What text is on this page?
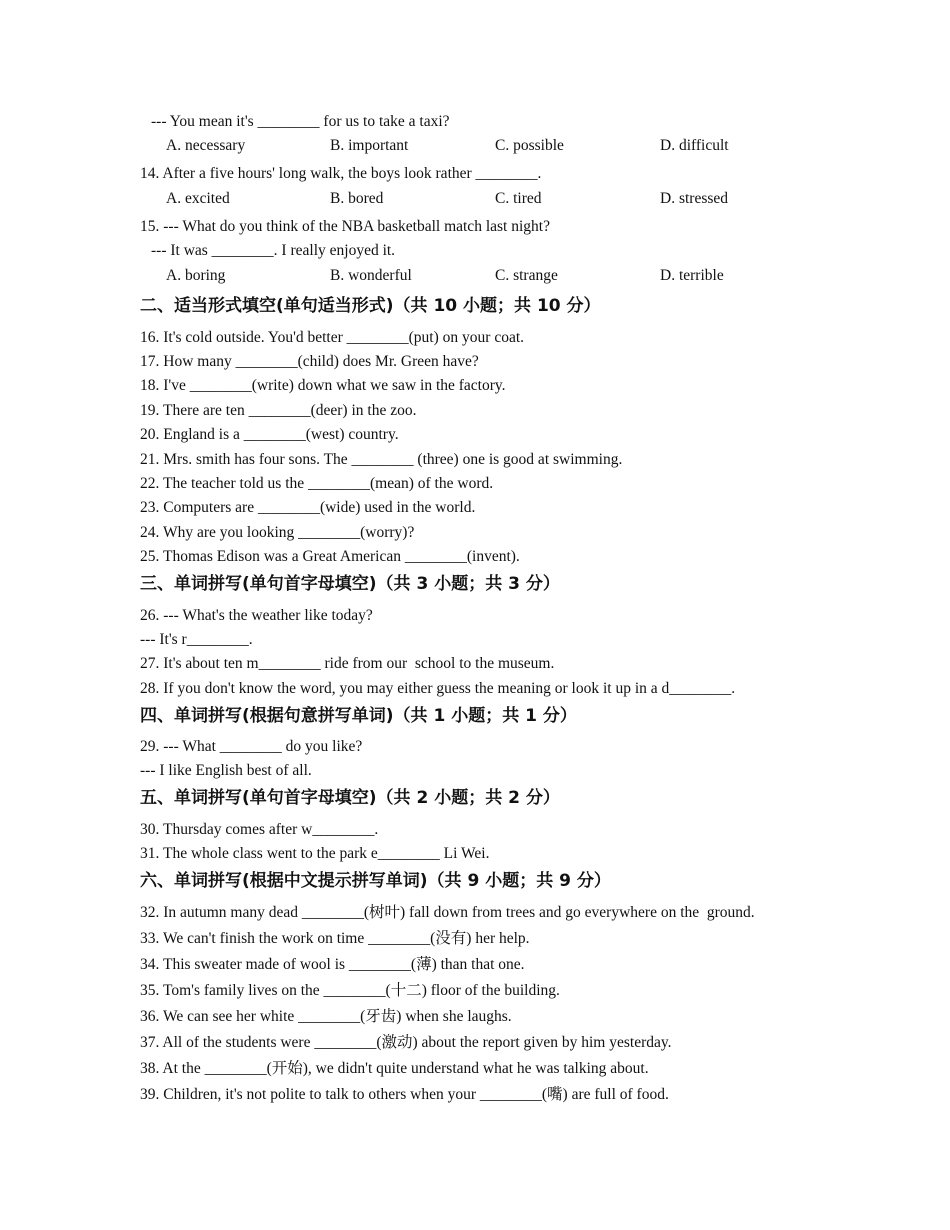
--- You mean it's ________ for us to take a taxi?
A. necessary	B. important	C. possible	D. difficult
14. After a five hours' long walk, the boys look rather ________.
A. excited	B. bored	C. tired	D. stressed
15. --- What do you think of the NBA basketball match last night?
--- It was ________. I really enjoyed it.
A. boring	B. wonderful	C. strange	D. terrible
二、适当形式填空(单句适当形式)（共 10 小题；共 10 分）
16. It's cold outside. You'd better ________(put) on your coat.
17. How many ________(child) does Mr. Green have?
18. I've ________(write) down what we saw in the factory.
19. There are ten ________(deer) in the zoo.
20. England is a ________(west) country.
21. Mrs. smith has four sons. The ________ (three) one is good at swimming.
22. The teacher told us the ________(mean) of the word.
23. Computers are ________(wide) used in the world.
24. Why are you looking ________(worry)?
25. Thomas Edison was a Great American ________(invent).
三、单词拼写(单句首字母填空)（共 3 小题；共 3 分）
26. --- What's the weather like today?
--- It's r________.
27. It's about ten m________ ride from our  school to the museum.
28. If you don't know the word, you may either guess the meaning or look it up in a d________.
四、单词拼写(根据句意拼写单词)（共 1 小题；共 1 分）
29. --- What ________ do you like?
--- I like English best of all.
五、单词拼写(单句首字母填空)（共 2 小题；共 2 分）
30. Thursday comes after w________.
31. The whole class went to the park e________ Li Wei.
六、单词拼写(根据中文提示拼写单词)（共 9 小题；共 9 分）
32. In autumn many dead ________(树叶) fall down from trees and go everywhere on the  ground.
33. We can't finish the work on time ________(没有) her help.
34. This sweater made of wool is ________(薄) than that one.
35. Tom's family lives on the ________(十二) floor of the building.
36. We can see her white ________(牙齿) when she laughs.
37. All of the students were ________(激动) about the report given by him yesterday.
38. At the ________(开始), we didn't quite understand what he was talking about.
39. Children, it's not polite to talk to others when your ________(嘴) are full of food.
